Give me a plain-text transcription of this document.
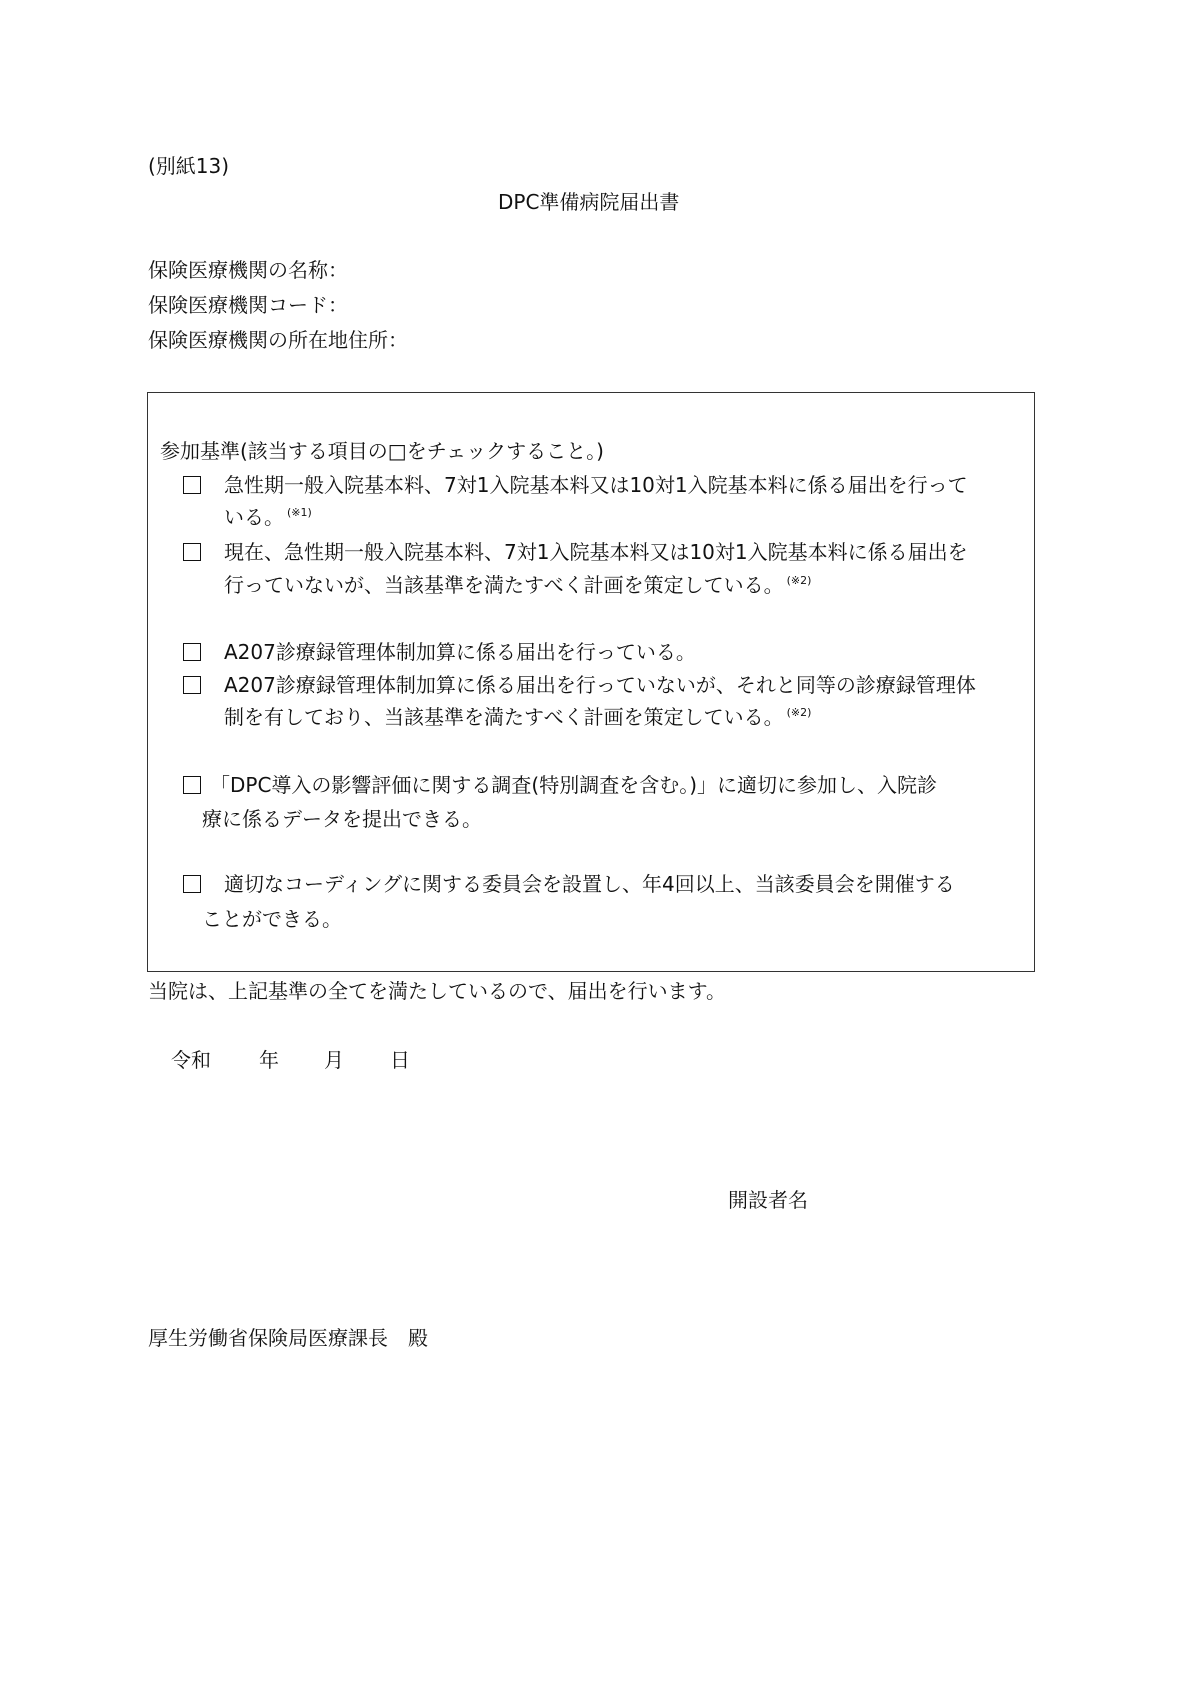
(別紙13)
DPC準備病院届出書
保険医療機関の名称：
保険医療機関コード：
保険医療機関の所在地住所：
参加基準(該当する項目の□をチェックすること。)
急性期一般入院基本料、7対1入院基本料又は10対1入院基本料に係る届出を行って
いる。 $^{(※1)}$
現在、急性期一般入院基本料、7対1入院基本料又は10対1入院基本料に係る届出を
行っていないが、当該基準を満たすべく計画を策定している。 $^{(※2)}$
A207診療録管理体制加算に係る届出を行っている。
A207診療録管理体制加算に係る届出を行っていないが、それと同等の診療録管理体
制を有しており、当該基準を満たすべく計画を策定している。 $^{(※2)}$
「DPC導入の影響評価に関する調査(特別調査を含む。)」に適切に参加し、入院診
療に係るデータを提出できる。
適切なコーディングに関する委員会を設置し、年4回以上、当該委員会を開催する
ことができる。
当院は、上記基準の全てを満たしているので、届出を行います。
令和 年 月 日
開設者名
厚生労働省保険局医療課長　殿
